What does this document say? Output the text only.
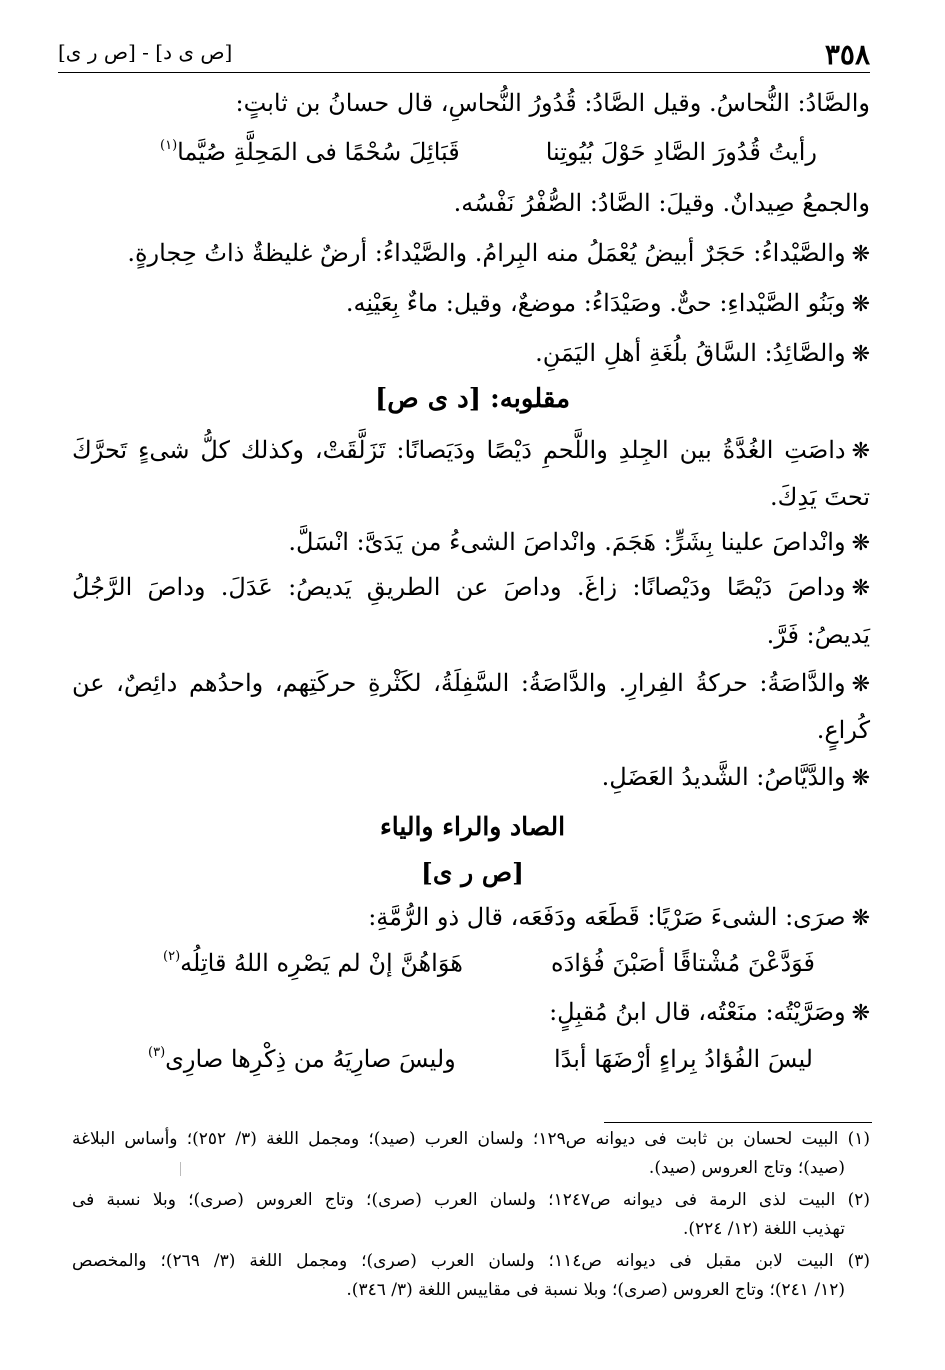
٣٥٨
[ص ى د] - [ص ر ى]
والصَّادُ: النُّحاسُ. وقيل الصَّادُ: قُدُورُ النُّحاسِ، قال حسانُ بن ثابتٍ:
رأيتُ قُدُورَ الصَّادِ حَوْلَ بُيُوتِنا
قَبَائِلَ سُحْمًا فى المَحِلَّةِ صُيَّما$^{(١)}$
والجمعُ صِيدانٌ. وقيلَ: الصَّادُ: الصُّفْرُ نَفْسُه.
❋والصَّيْداءُ: حَجَرٌ أبيضُ يُعْمَلُ منه البِرامُ. والصَّيْداءُ: أرضٌ غليظةٌ ذاتُ حِجارةٍ.
❋وبَنُو الصَّيْداءِ: حىٌّ. وصَيْدَاءُ: موضعٌ، وقيل: ماءٌ بِعَيْنِه.
❋والصَّائِدُ: السَّاقُ بلُغَةِ أهلِ اليَمَنِ.
مقلوبه: [د ى ص]
❋داصَتِ الغُدَّةُ بين الجِلدِ واللَّحمِ دَيْصًا ودَيَصانًا: تَزَلَّقَتْ، وكذلك كلُّ شىءٍ تَحرَّكَ
تحتَ يَدِكَ.
❋وانْداصَ علينا بِشَرٍّ: هَجَمَ. وانْداصَ الشىءُ من يَدَىَّ: انْسَلَّ.
❋وداصَ دَيْصًا ودَيْصانًا: زاغَ. وداصَ عن الطريقِ يَديصُ: عَدَلَ. وداصَ الرَّجُلُ
يَديصُ: فَرَّ.
❋والدَّاصَةُ: حركةُ الفِرارِ. والدَّاصَةُ: السَّفِلَةُ، لكَثْرةِ حركَتِهم، واحدُهم دائِصٌ، عن
كُراعٍ.
❋والدَّيَّاصُ: الشَّديدُ العَضَلِ.
الصاد والراء والياء
[ص ر ى]
❋صرَى: الشىءَ صَرْيًا: قَطَعَه ودَفَعَه، قال ذو الرُّمَّةِ:
فَوَدَّعْنَ مُشْتاقًا أصَبْنَ فُؤادَه
هَوَاهُنَّ إنْ لم يَصْرِه اللهُ قاتِلُه$^{(٢)}$
❋وصَرَّيْتُه: منَعْتُه، قال ابنُ مُقبِلٍ:
ليسَ الفُؤادُ بِراءٍ أرْضَهَا أبدًا
وليسَ صارِيَهُ من ذِكْرِها صارِى$^{(٣)}$
(١) البيت لحسان بن ثابت فى ديوانه ص١٢٩؛ ولسان العرب (صيد)؛ ومجمل اللغة (٣/ ٢٥٢)؛ وأساس البلاغة
(صيد)؛ وتاج العروس (صيد).
(٢) البيت لذى الرمة فى ديوانه ص١٢٤٧؛ ولسان العرب (صرى)؛ وتاج العروس (صرى)؛ وبلا نسبة فى
تهذيب اللغة (١٢/ ٢٢٤).
(٣) البيت لابن مقبل فى ديوانه ص١١٤؛ ولسان العرب (صرى)؛ ومجمل اللغة (٣/ ٢٦٩)؛ والمخصص
(١٢/ ٢٤١)؛ وتاج العروس (صرى)؛ وبلا نسبة فى مقاييس اللغة (٣/ ٣٤٦).
